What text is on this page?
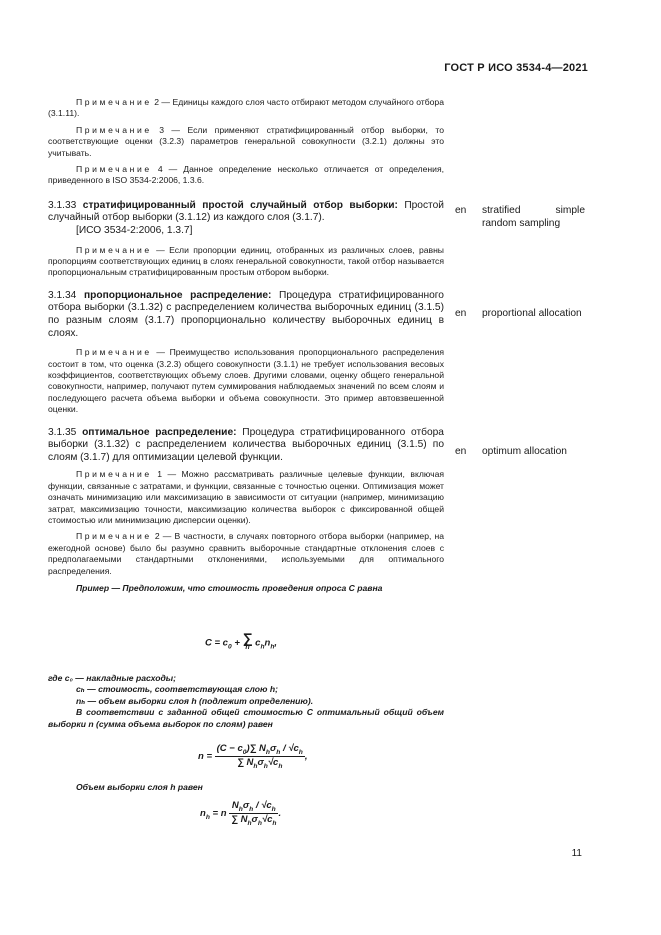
ГОСТ Р ИСО 3534-4—2021

Примечание 2 — Единицы каждого слоя часто отбирают методом случайного отбора (3.1.11).

Примечание 3 — Если применяют стратифицированный отбор выборки, то соответствующие оценки (3.2.3) параметров генеральной совокупности (3.2.1) должны это учитывать.

Примечание 4 — Данное определение несколько отличается от определения, приведенного в ISO 3534-2:2006, 1.3.6.

3.1.33 стратифицированный простой случайный отбор выборки: Простой случайный отбор выборки (3.1.12) из каждого слоя (3.1.7).

[ИСО 3534-2:2006, 1.3.7]

Примечание — Если пропорции единиц, отобранных из различных слоев, равны пропорциям соответствующих единиц в слоях генеральной совокупности, такой отбор называется пропорциональным стратифицированным простым отбором выборки.

3.1.34 пропорциональное распределение: Процедура стратифицированного отбора выборки (3.1.32) с распределением количества выборочных единиц (3.1.5) по разным слоям (3.1.7) пропорционально количеству выборочных единиц в слоях.

Примечание — Преимущество использования пропорционального распределения состоит в том, что оценка (3.2.3) общего совокупности (3.1.1) не требует использования весовых коэффициентов, соответствующих объему слоев. Другими словами, оценку общего генеральной совокупности, например, получают путем суммирования наблюдаемых значений по всем слоям и последующего расчета объема выборки и объема совокупности. Это пример автовзвешенной оценки.

3.1.35 оптимальное распределение: Процедура стратифицированного отбора выборки (3.1.32) с распределением количества выборочных единиц (3.1.5) по слоям (3.1.7) для оптимизации целевой функции.

Примечание 1 — Можно рассматривать различные целевые функции, включая функции, связанные с затратами, и функции, связанные с точностью оценки. Оптимизация может означать минимизацию или максимизацию в зависимости от ситуации (например, минимизацию затрат, максимизацию точности, максимизацию количества выборок с фиксированной общей стоимостью или минимизацию дисперсии оценки).

Примечание 2 — В частности, в случаях повторного отбора выборки (например, на ежегодной основе) было бы разумно сравнить выборочные стандартные отклонения слоев с предполагаемыми стандартными отклонениями, используемыми для оптимального распределения.

Пример — Предположим, что стоимость проведения опроса C равна

en stratified simple random sampling
en proportional allocation
en optimum allocation
$C = c_0$ + ∑
h $c_hn_h$,
где c₀ — накладные расходы;
cₕ — стоимость, соответствующая слою h;
nₕ — объем выборки слоя h (подлежит определению).
В соответствии с заданной общей стоимостью C оптимальный общий объем выборки n (сумма объема выборок по слоям) равен
$n = \frac{(C - c_0)\sum N_h\sigma_h / √c_h}{\sum N_h\sigma_h√c_h}$ ,
Объем выборки слоя h равен
$n_h = n \frac{N_h\sigma_h / √c_h}{\sum N_h\sigma_h√c_h}$ .
11
